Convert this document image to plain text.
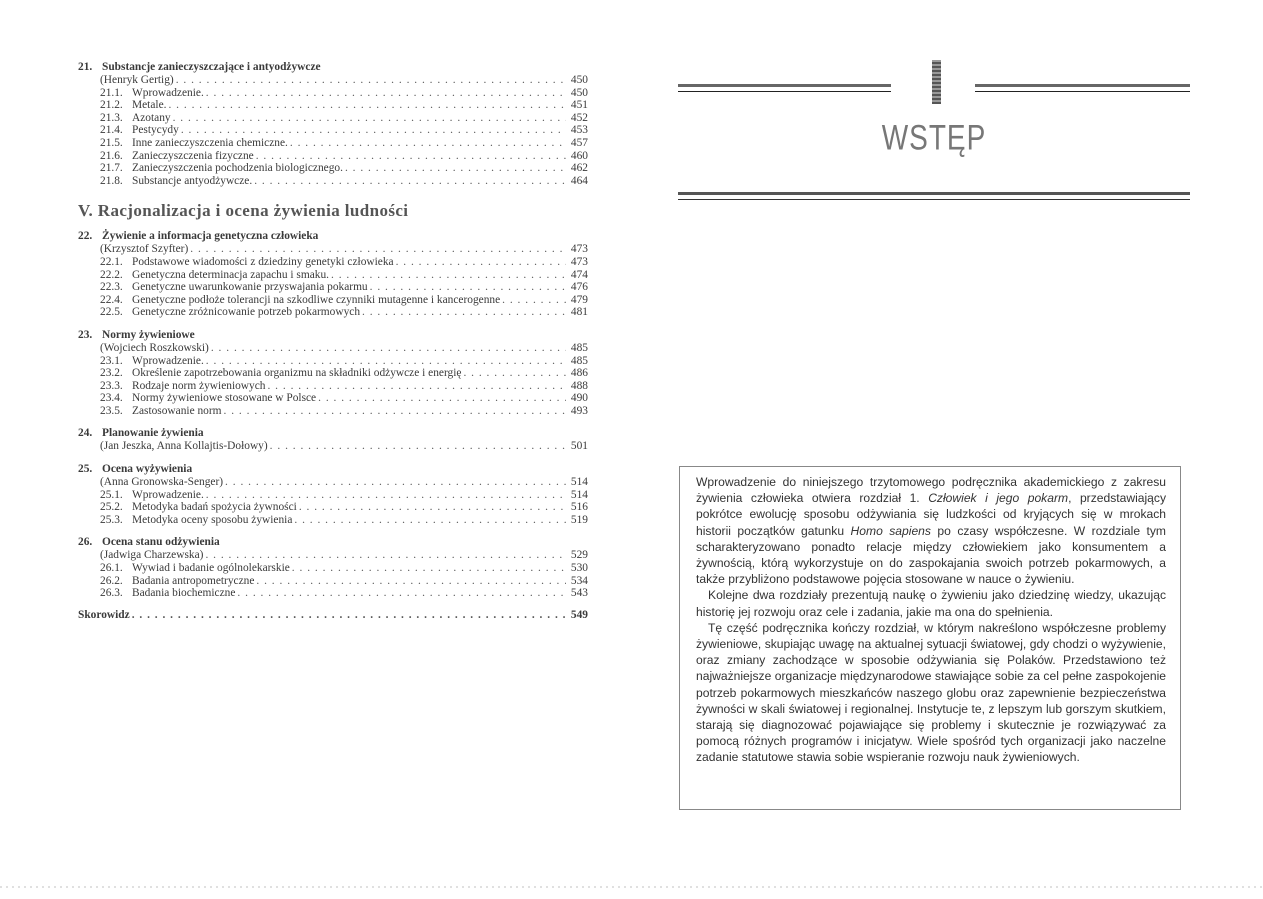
21. Substancje zanieczyszczające i antyodżywcze
(Henryk Gertig) . . .	450
21.1. Wprowadzenie. . . .	450
21.2. Metale. . . .	451
21.3. Azotany . . .	452
21.4. Pestycydy . . .	453
21.5. Inne zanieczyszczenia chemiczne. . . .	457
21.6. Zanieczyszczenia fizyczne . . .	460
21.7. Zanieczyszczenia pochodzenia biologicznego. . . .	462
21.8. Substancje antyodżywcze. . . .	464
V. Racjonalizacja i ocena żywienia ludności
22. Żywienie a informacja genetyczna człowieka
(Krzysztof Szyfter) . . .	473
22.1. Podstawowe wiadomości z dziedziny genetyki człowieka . . .	473
22.2. Genetyczna determinacja zapachu i smaku. . . .	474
22.3. Genetyczne uwarunkowanie przyswajania pokarmu . . .	476
22.4. Genetyczne podłoże tolerancji na szkodliwe czynniki mutagenne i kancerogenne . . .	479
22.5. Genetyczne zróżnicowanie potrzeb pokarmowych . . .	481
23. Normy żywieniowe
(Wojciech Roszkowski) . . .	485
23.1. Wprowadzenie. . . .	485
23.2. Określenie zapotrzebowania organizmu na składniki odżywcze i energię . . .	486
23.3. Rodzaje norm żywieniowych . . .	488
23.4. Normy żywieniowe stosowane w Polsce . . .	490
23.5. Zastosowanie norm . . .	493
24. Planowanie żywienia
(Jan Jeszka, Anna Kollajtis-Dołowy) . . .	501
25. Ocena wyżywienia
(Anna Gronowska-Senger) . . .	514
25.1. Wprowadzenie. . . .	514
25.2. Metodyka badań spożycia żywności . . .	516
25.3. Metodyka oceny sposobu żywienia . . .	519
26. Ocena stanu odżywienia
(Jadwiga Charzewska) . . .	529
26.1. Wywiad i badanie ogólnolekarskie . . .	530
26.2. Badania antropometryczne . . .	534
26.3. Badania biochemiczne . . .	543
Skorowidz . . .	549
WSTĘP

Wprowadzenie do niniejszego trzytomowego podręcznika akademickiego z zakresu żywienia człowieka otwiera rozdział 1. Człowiek i jego pokarm, przedstawiający pokrótce ewolucję sposobu odżywiania się ludzkości od kryjących się w mrokach historii początków gatunku Homo sapiens po czasy współczesne. W rozdziale tym scharakteryzowano ponadto relacje między człowiekiem jako konsumentem a żywnością, którą wykorzystuje on do zaspokajania swoich potrzeb pokarmowych, a także przybliżono podstawowe pojęcia stosowane w nauce o żywieniu.

Kolejne dwa rozdziały prezentują naukę o żywieniu jako dziedzinę wiedzy, ukazując historię jej rozwoju oraz cele i zadania, jakie ma ona do spełnienia.

Tę część podręcznika kończy rozdział, w którym nakreślono współczesne problemy żywieniowe, skupiając uwagę na aktualnej sytuacji światowej, gdy chodzi o wyżywienie, oraz zmiany zachodzące w sposobie odżywiania się Polaków. Przedstawiono też najważniejsze organizacje międzynarodowe stawiające sobie za cel pełne zaspokojenie potrzeb pokarmowych mieszkańców naszego globu oraz zapewnienie bezpieczeństwa żywności w skali światowej i regionalnej. Instytucje te, z lepszym lub gorszym skutkiem, starają się diagnozować pojawiające się problemy i skutecznie je rozwiązywać za pomocą różnych programów i inicjatyw. Wiele spośród tych organizacji jako naczelne zadanie statutowe stawia sobie wspieranie rozwoju nauk żywieniowych.
